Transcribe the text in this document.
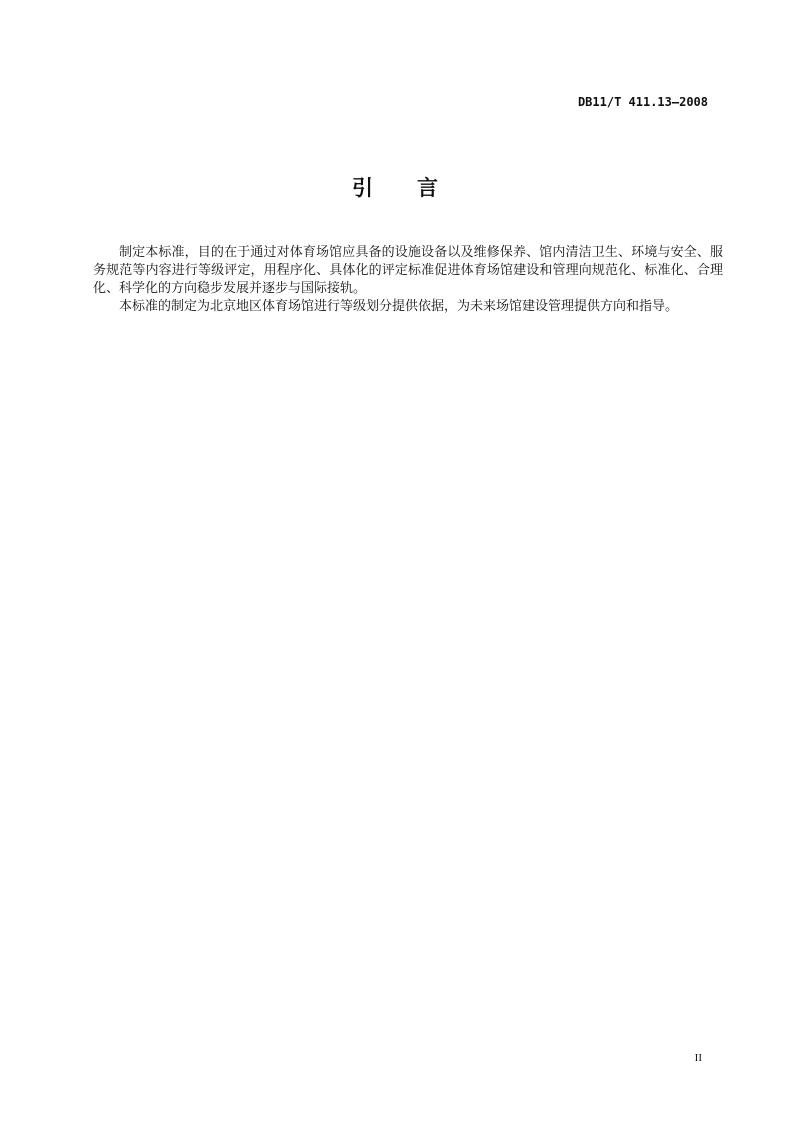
DB11/T 411.13—2008
引 言

制定本标准，目的在于通过对体育场馆应具备的设施设备以及维修保养、馆内清洁卫生、环境与安全、服务规范等内容进行等级评定，用程序化、具体化的评定标准促进体育场馆建设和管理向规范化、标准化、合理化、科学化的方向稳步发展并逐步与国际接轨。

本标准的制定为北京地区体育场馆进行等级划分提供依据，为未来场馆建设管理提供方向和指导。

II
